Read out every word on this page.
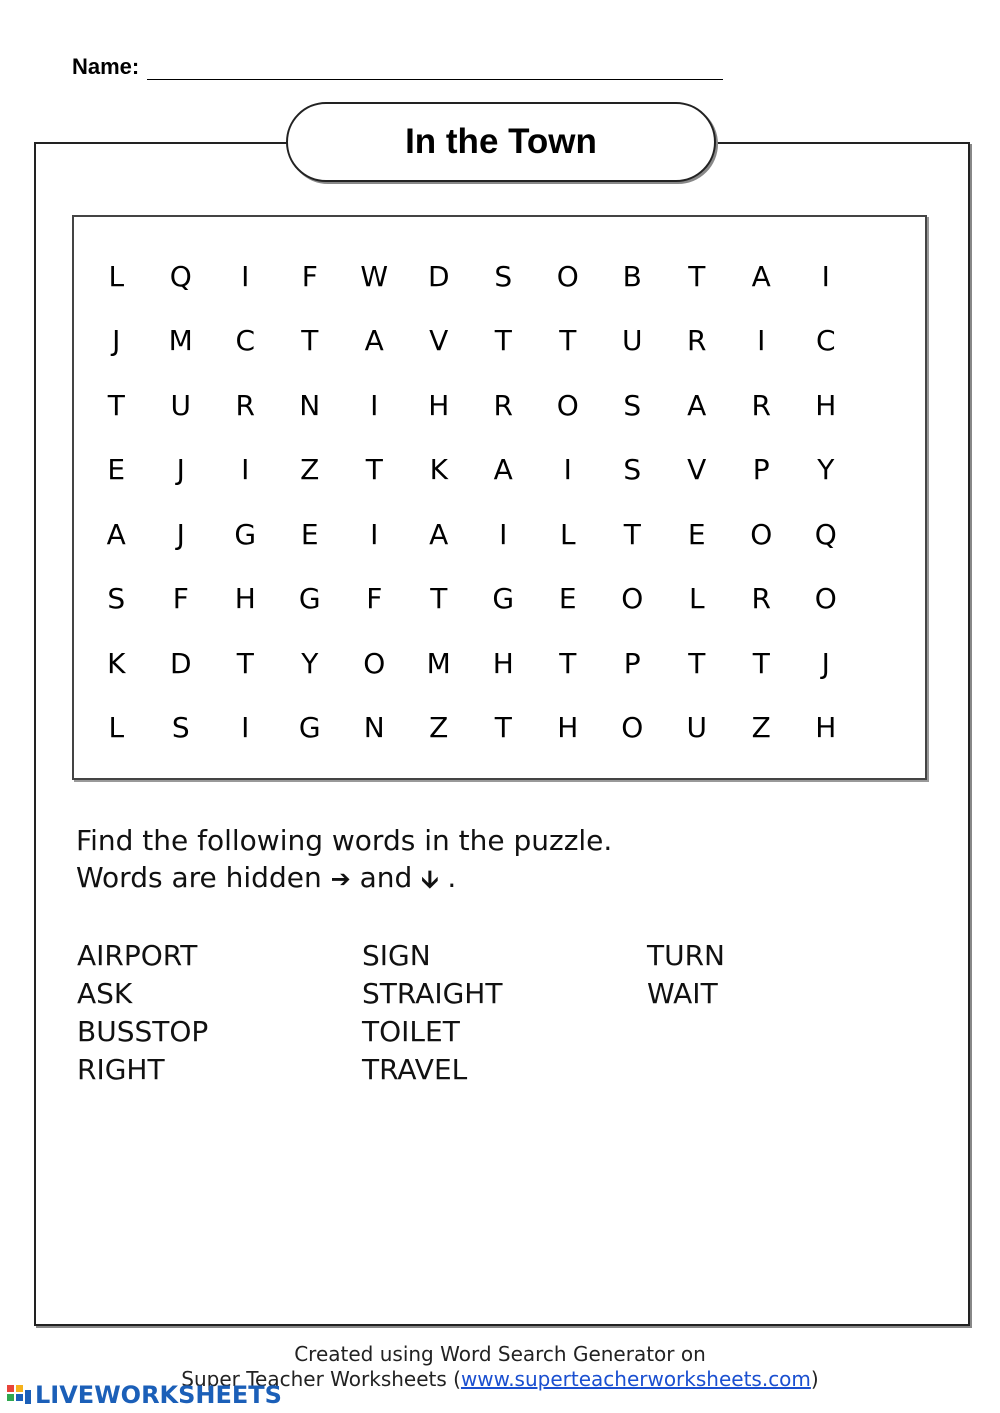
Name:
In the Town
L	Q	I	F	W	D	S	O	B	T	A	I
J	M	C	T	A	V	T	T	U	R	I	C
T	U	R	N	I	H	R	O	S	A	R	H
E	J	I	Z	T	K	A	I	S	V	P	Y
A	J	G	E	I	A	I	L	T	E	O	Q
S	F	H	G	F	T	G	E	O	L	R	O
K	D	T	Y	O	M	H	T	P	T	T	J
L	S	I	G	N	Z	T	H	O	U	Z	H
Find the following words in the puzzle.
Words are hidden ➔ and 🡫 .
AIRPORT
ASK
BUSSTOP
RIGHT
SIGN
STRAIGHT
TOILET
TRAVEL
TURN
WAIT
Created using Word Search Generator on
Super Teacher Worksheets (www.superteacherworksheets.com)
LIVEWORKSHEETS
